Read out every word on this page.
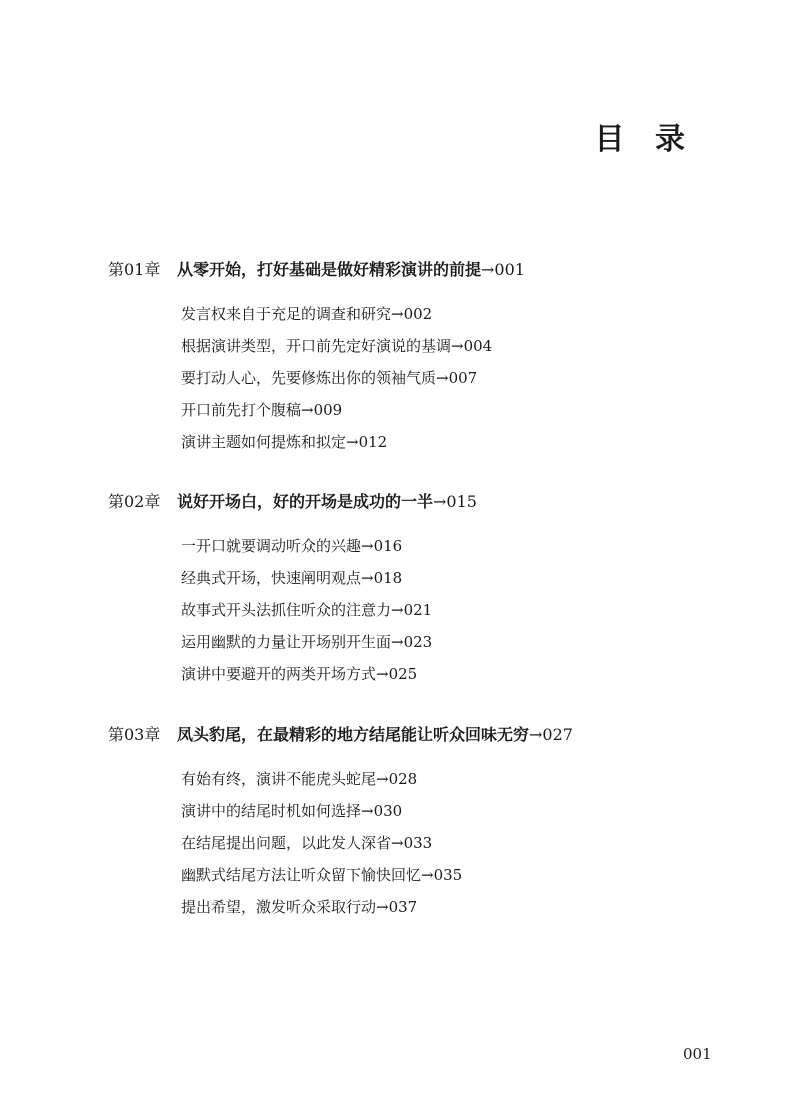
目 录
第01章	从零开始，打好基础是做好精彩演讲的前提→001
发言权来自于充足的调查和研究→002
根据演讲类型，开口前先定好演说的基调→004
要打动人心，先要修炼出你的领袖气质→007
开口前先打个腹稿→009
演讲主题如何提炼和拟定→012
第02章	说好开场白，好的开场是成功的一半→015
一开口就要调动听众的兴趣→016
经典式开场，快速阐明观点→018
故事式开头法抓住听众的注意力→021
运用幽默的力量让开场别开生面→023
演讲中要避开的两类开场方式→025
第03章	凤头豹尾，在最精彩的地方结尾能让听众回味无穷→027
有始有终，演讲不能虎头蛇尾→028
演讲中的结尾时机如何选择→030
在结尾提出问题，以此发人深省→033
幽默式结尾方法让听众留下愉快回忆→035
提出希望，激发听众采取行动→037
001
